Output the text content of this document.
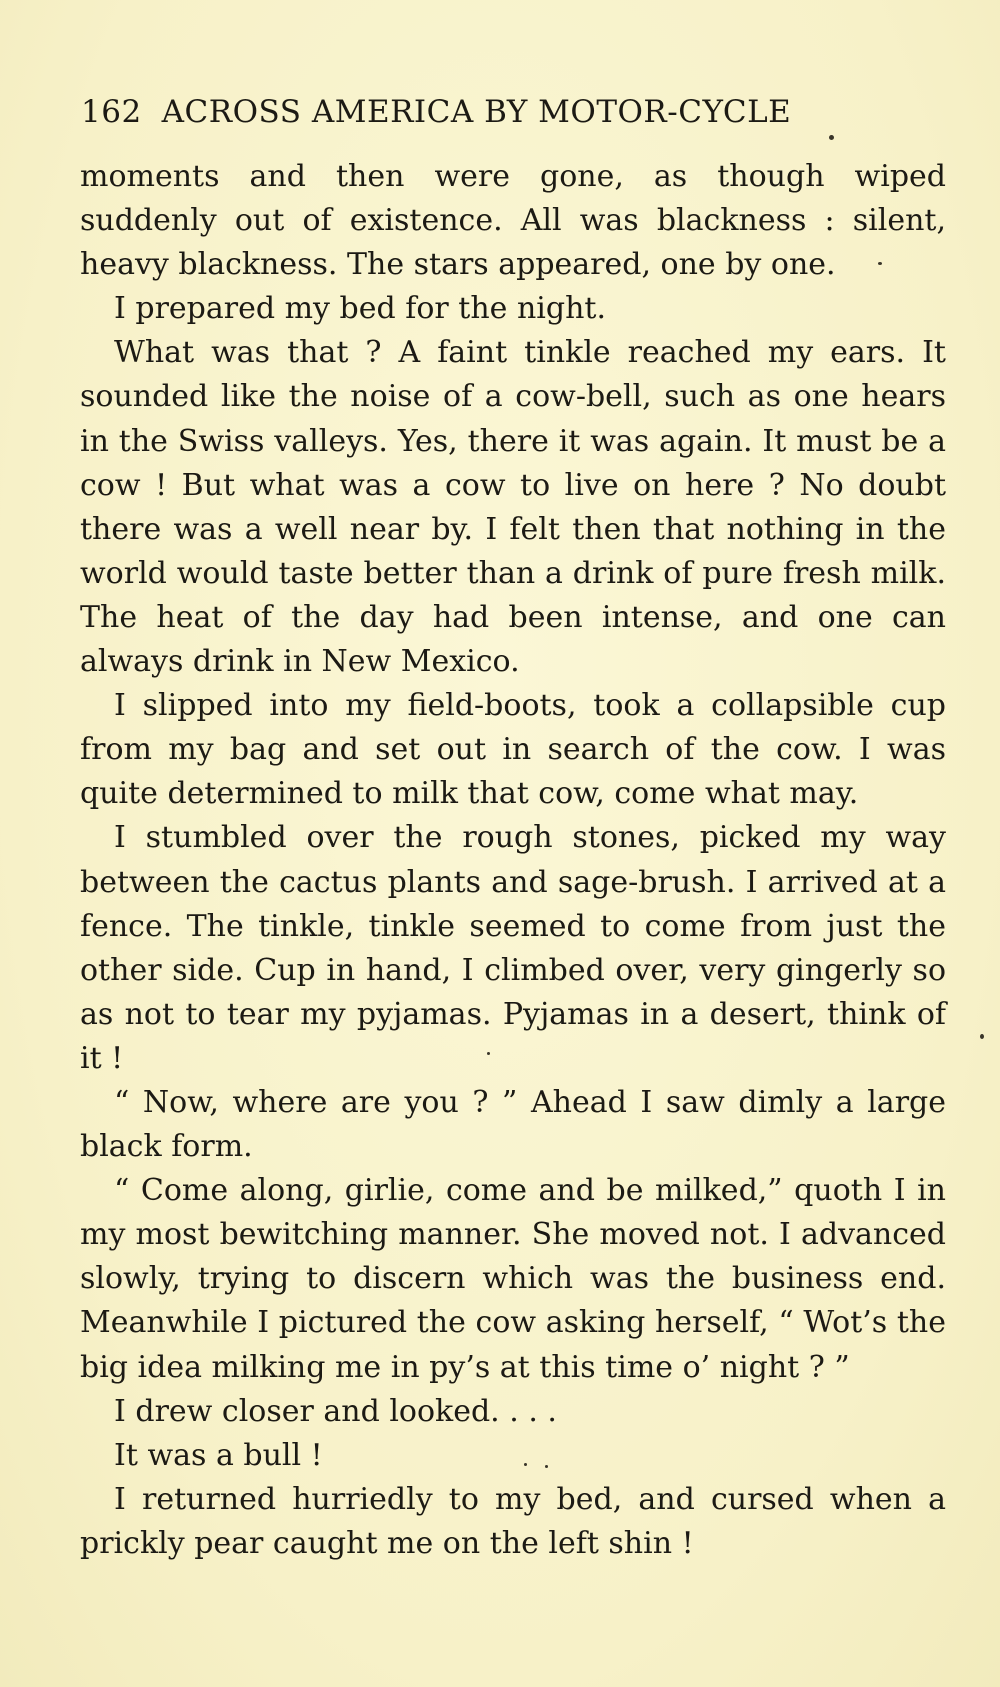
162 ACROSS AMERICA BY MOTOR-CYCLE

moments and then were gone, as though wiped suddenly out of existence. All was blackness : silent, heavy blackness. The stars appeared, one by one.

I prepared my bed for the night.

What was that ? A faint tinkle reached my ears. It sounded like the noise of a cow-bell, such as one hears in the Swiss valleys. Yes, there it was again. It must be a cow ! But what was a cow to live on here ? No doubt there was a well near by. I felt then that nothing in the world would taste better than a drink of pure fresh milk. The heat of the day had been intense, and one can always drink in New Mexico.

I slipped into my field-boots, took a collapsible cup from my bag and set out in search of the cow. I was quite determined to milk that cow, come what may.

I stumbled over the rough stones, picked my way between the cactus plants and sage-brush. I arrived at a fence. The tinkle, tinkle seemed to come from just the other side. Cup in hand, I climbed over, very gingerly so as not to tear my pyjamas. Pyjamas in a desert, think of it !

“ Now, where are you ? ” Ahead I saw dimly a large black form.

“ Come along, girlie, come and be milked,” quoth I in my most bewitching manner. She moved not. I advanced slowly, trying to discern which was the business end. Meanwhile I pictured the cow asking herself, “ Wot’s the big idea milking me in py’s at this time o’ night ? ”

I drew closer and looked. . . .

It was a bull !

I returned hurriedly to my bed, and cursed when a prickly pear caught me on the left shin !
